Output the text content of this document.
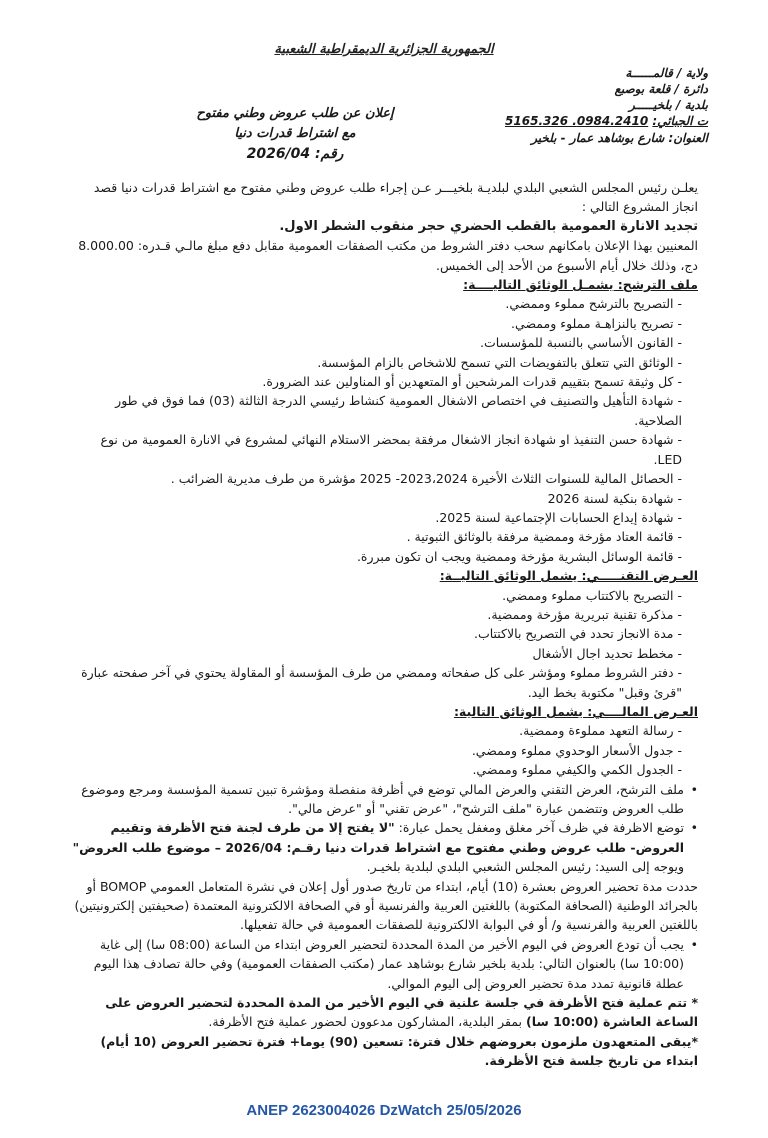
الجمهورية الجزائرية الديمقراطية الشعبية
ولاية / قالمــــــة
دائرة / قلعة بوصبع
بلدية / بلخيـــــر
ت الجبائي: 0984.2410. 5165.326
العنوان: شارع بوشاهد عمار - بلخير
إعلان عن طلب عروض وطني مفتوح
مع اشتراط قدرات دنيا
رقم: 2026/04

يعلـن رئيس المجلس الشعبي البلدي لبلديـة بلخيـــر عـن إجراء طلب عروض وطني مفتوح مع اشتراط قدرات دنيا قصد انجاز المشروع التالي :

تجديد الانارة العمومية بالقطب الحضري حجر منقوب الشطر الاول.

المعنيين بهذا الإعلان بامكانهم سحب دفتر الشروط من مكتب الصفقات العمومية مقابل دفع مبلغ مالـي قـدره: 8.000.00 دج، وذلك خلال أيام الأسبوع من الأحد إلى الخميس.

ملف الترشح: يشمـل الوثائق التاليــــة:

- التصريح بالترشح مملوء وممضي.

- تصريح بالنزاهـة مملوء وممضي.

- القانون الأساسي بالنسبة للمؤسسات.

- الوثائق التي تتعلق بالتفويضات التي تسمح للاشخاص بالزام المؤسسة.

- كل وثيقة تسمح بتقييم قدرات المرشحين أو المتعهدين أو المناولين عند الضرورة.

- شهادة التأهيل والتصنيف في اختصاص الاشغال العمومية كنشاط رئيسي الدرجة الثالثة (03) فما فوق في طور الصلاحية.

- شهادة حسن التنفيذ او شهادة انجاز الاشغال مرفقة بمحضر الاستلام النهائي لمشروع في الانارة العمومية من نوع LED.

- الحصائل المالية للسنوات الثلاث الأخيرة 2023،2024- 2025 مؤشرة من طرف مديرية الضرائب .

- شهادة بنكية لسنة 2026

- شهادة إيداع الحسابات الإجتماعية لسنة 2025.

- قائمة العتاد مؤرخة وممضية مرفقة بالوثائق الثبوتية .

- قائمة الوسائل البشرية مؤرخة وممضية ويجب ان تكون مبررة.

العـرض التقنـــــي: يشمل الوثائق التاليــة:

- التصريح بالاكتتاب مملوء وممضي.

- مذكرة تقنية تبريرية مؤرخة وممضية.

- مدة الانجاز تحدد في التصريح بالاكتتاب.

- مخطط تحديد اجال الأشغال

- دفتر الشروط مملوء ومؤشر على كل صفحاته وممضي من طرف المؤسسة أو المقاولة يحتوي في آخر صفحته عبارة "قرئ وقبل" مكتوبة بخط اليد.

العـرض المالــــي: يشمل الوثائق التالية:

- رسالة التعهد مملوءة وممضية.

- جدول الأسعار الوحدوي مملوء وممضي.

- الجدول الكمي والكيفي مملوء وممضي.

• ملف الترشح، العرض التقني والعرض المالي توضع في أظرفة منفصلة ومؤشرة تبين تسمية المؤسسة ومرجع وموضوع طلب العروض وتتضمن عبارة "ملف الترشح"، "عرض تقني" أو "عرض مالي".

• توضع الاظرفة في ظرف آخر مغلق ومغفل يحمل عبارة: "لا يفتح إلا من طرف لجنة فتح الأظرفة وتقييم العروض- طلب عروض وطني مفتوح مع اشتراط قدرات دنيا رقـم: 2026/04 – موضوع طلب العروض" ويوجه إلى السيد: رئيس المجلس الشعبي البلدي لبلدية بلخيـر.

حددت مدة تحضير العروض بعشرة (10) أيام، ابتداء من تاريخ صدور أول إعلان في نشرة المتعامل العمومي BOMOP أو بالجرائد الوطنية (الصحافة المكتوبة) باللغتين العربية والفرنسية أو في الصحافة الالكترونية المعتمدة (صحيفتين إلكترونيتين) باللغتين العربية والفرنسية و/ أو في البوابة الالكترونية للصفقات العمومية في حالة تفعيلها.

• يجب أن تودع العروض في اليوم الأخير من المدة المحددة لتحضير العروض ابتداء من الساعة (08:00 سا) إلى غاية (10:00 سا) بالعنوان التالي: بلدية بلخير شارع بوشاهد عمار (مكتب الصفقات العمومية) وفي حالة تصادف هذا اليوم عطلة قانونية تمدد مدة تحضير العروض إلى اليوم الموالي.

* تتم عملية فتح الأظرفة في جلسة علنية في اليوم الأخير من المدة المحددة لتحضير العروض على الساعة العاشرة (10:00 سا) بمقر البلدية، المشاركون مدعوون لحضور عملية فتح الأظرفة.

*يبقى المتعهدون ملزمون بعروضهم خلال فترة: تسعين (90) يوما+ فترة تحضير العروض (10 أيام) ابتداء من تاريخ جلسة فتح الأظرفة.

ANEP 2623004026 DzWatch 25/05/2026
